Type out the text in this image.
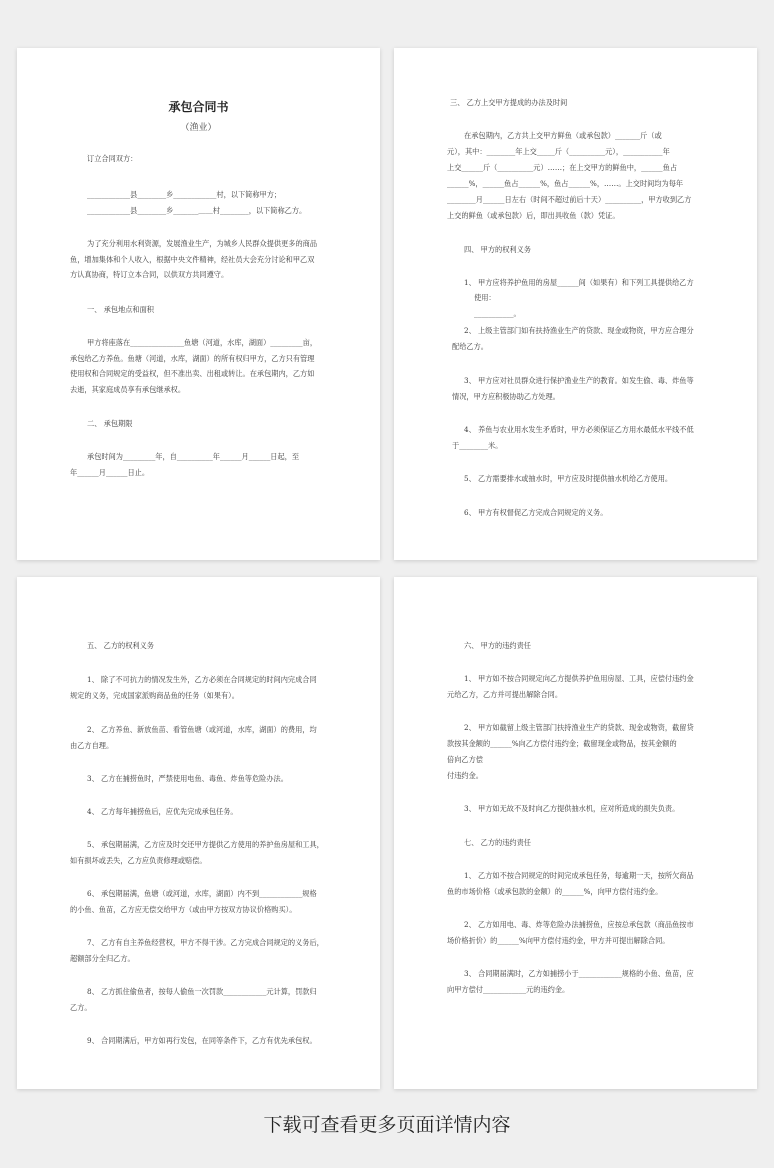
承包合同书
（渔业）
订立合同双方：
____________县________乡____________村，以下简称甲方；
____________县________乡_______＿＿村________，以下简称乙方。
为了充分利用水利资源，发展渔业生产，为城乡人民群众提供更多的商品
鱼，增加集体和个人收入，根据中央文件精神，经社员大会充分讨论和甲乙双
方认真协商，特订立本合同，以供双方共同遵守。
一、 承包地点和面积
甲方将座落在_______________鱼塘（河道，水库，湖面）_________亩，
承包给乙方养鱼。鱼塘（河道，水库，湖面）的所有权归甲方，乙方只有管理
使用权和合同规定的受益权，但不准出卖、出租或转让。在承包期内，乙方如
去逝，其家庭成员享有承包继承权。
二、 承包期限
承包时间为_________年，自__________年______月______日起，至
年______月______日止。
三、 乙方上交甲方提成的办法及时间
在承包期内，乙方共上交甲方鲜鱼（或承包款）_______斤（或
元），其中：________年上交_____斤（__________元），___________年
上交______斤（__________元）……；在上交甲方的鲜鱼中，______鱼占
______%，______鱼占______%，鱼占______%，……。上交时间均为每年
________月______日左右（时间不超过前后十天）__________，甲方收到乙方
上交的鲜鱼（或承包款）后，即出具收鱼（款）凭证。
四、 甲方的权利义务
1、 甲方应将养护鱼用的房屋______间（如果有）和下列工具提供给乙方
使用：
___________。
2、 上级主管部门如有扶持渔业生产的贷款、现金或物资，甲方应合理分
配给乙方。
3、 甲方应对社员群众进行保护渔业生产的教育。如发生偷、毒、炸鱼等
情况，甲方应积极协助乙方处理。
4、 养鱼与农业用水发生矛盾时，甲方必须保证乙方用水最低水平线不低
于________米。
5、 乙方需要排水或抽水时，甲方应及时提供抽水机给乙方使用。
6、 甲方有权督促乙方完成合同规定的义务。
五、 乙方的权利义务
1、 除了不可抗力的情况发生外，乙方必须在合同规定的时间内完成合同
规定的义务，完成国家派购商品鱼的任务（如果有）。
2、 乙方养鱼、新放鱼苗、看管鱼塘（或河道，水库，湖面）的费用，均
由乙方自理。
3、 乙方在捕捞鱼时，严禁使用电鱼、毒鱼、炸鱼等危险办法。
4、 乙方每年捕捞鱼后，应优先完成承包任务。
5、 承包期届满，乙方应及时交还甲方提供乙方使用的养护鱼房屋和工具，
如有损坏或丢失，乙方应负责修理或赔偿。
6、 承包期届满，鱼塘（或河道，水库，湖面）内不到____________规格
的小鱼、鱼苗，乙方应无偿交给甲方（或由甲方按双方协议价格购买）。
7、 乙方有自主养鱼经营权，甲方不得干涉。乙方完成合同规定的义务后，
超额部分全归乙方。
8、 乙方抓住偷鱼者，按每人偷鱼一次罚款____________元计算，罚款归
乙方。
9、 合同期满后，甲方如再行发包，在同等条件下，乙方有优先承包权。
六、 甲方的违约责任
1、 甲方如不按合同规定向乙方提供养护鱼用房屋、工具，应偿付违约金
元给乙方，乙方并可提出解除合同。
2、 甲方如截留上级主管部门扶持渔业生产的贷款、现金或物资，截留贷
款按其金额的______%向乙方偿付违约金；截留现金或物品，按其金额的
倍向乙方偿
付违约金。
3、 甲方如无故不及时向乙方提供抽水机，应对所造成的损失负责。
七、 乙方的违约责任
1、 乙方如不按合同规定的时间完成承包任务，每逾期一天，按所欠商品
鱼的市场价格（或承包款的金额）的______%，向甲方偿付违约金。
2、 乙方如用电、毒、炸等危险办法捕捞鱼，应按总承包款（商品鱼按市
场价格折价）的______%向甲方偿付违约金，甲方并可提出解除合同。
3、 合同期届满时，乙方如捕捞小于____________规格的小鱼、鱼苗，应
向甲方偿付____________元的违约金。
下载可查看更多页面详情内容
